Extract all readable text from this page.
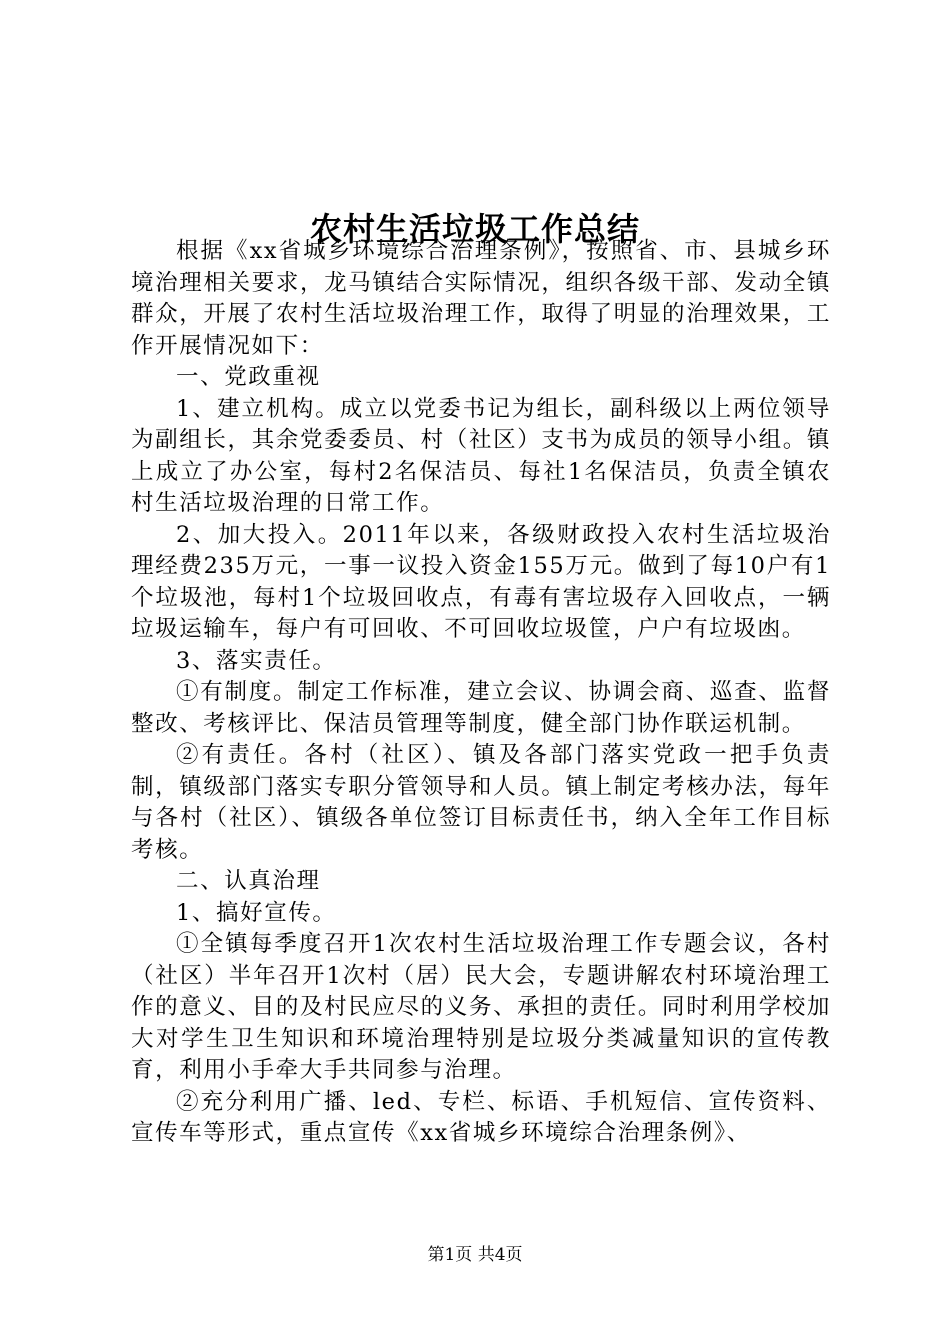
农村生活垃圾工作总结

根据《xx省城乡环境综合治理条例》，按照省、市、县城乡环境治理相关要求，龙马镇结合实际情况，组织各级干部、发动全镇群众，开展了农村生活垃圾治理工作，取得了明显的治理效果，工作开展情况如下：

一、党政重视

1、建立机构。成立以党委书记为组长，副科级以上两位领导为副组长，其余党委委员、村（社区）支书为成员的领导小组。镇上成立了办公室，每村2名保洁员、每社1名保洁员，负责全镇农村生活垃圾治理的日常工作。

2、加大投入。2011年以来，各级财政投入农村生活垃圾治理经费235万元，一事一议投入资金155万元。做到了每10户有1个垃圾池，每村1个垃圾回收点，有毒有害垃圾存入回收点，一辆垃圾运输车，每户有可回收、不可回收垃圾筐，户户有垃圾凼。

3、落实责任。

①有制度。制定工作标准，建立会议、协调会商、巡查、监督整改、考核评比、保洁员管理等制度，健全部门协作联运机制。

②有责任。各村（社区）、镇及各部门落实党政一把手负责制，镇级部门落实专职分管领导和人员。镇上制定考核办法，每年与各村（社区）、镇级各单位签订目标责任书，纳入全年工作目标考核。

二、认真治理

1、搞好宣传。

①全镇每季度召开1次农村生活垃圾治理工作专题会议，各村（社区）半年召开1次村（居）民大会，专题讲解农村环境治理工作的意义、目的及村民应尽的义务、承担的责任。同时利用学校加大对学生卫生知识和环境治理特别是垃圾分类减量知识的宣传教育，利用小手牵大手共同参与治理。

②充分利用广播、led、专栏、标语、手机短信、宣传资料、宣传车等形式，重点宣传《xx省城乡环境综合治理条例》、

第1页 共4页
